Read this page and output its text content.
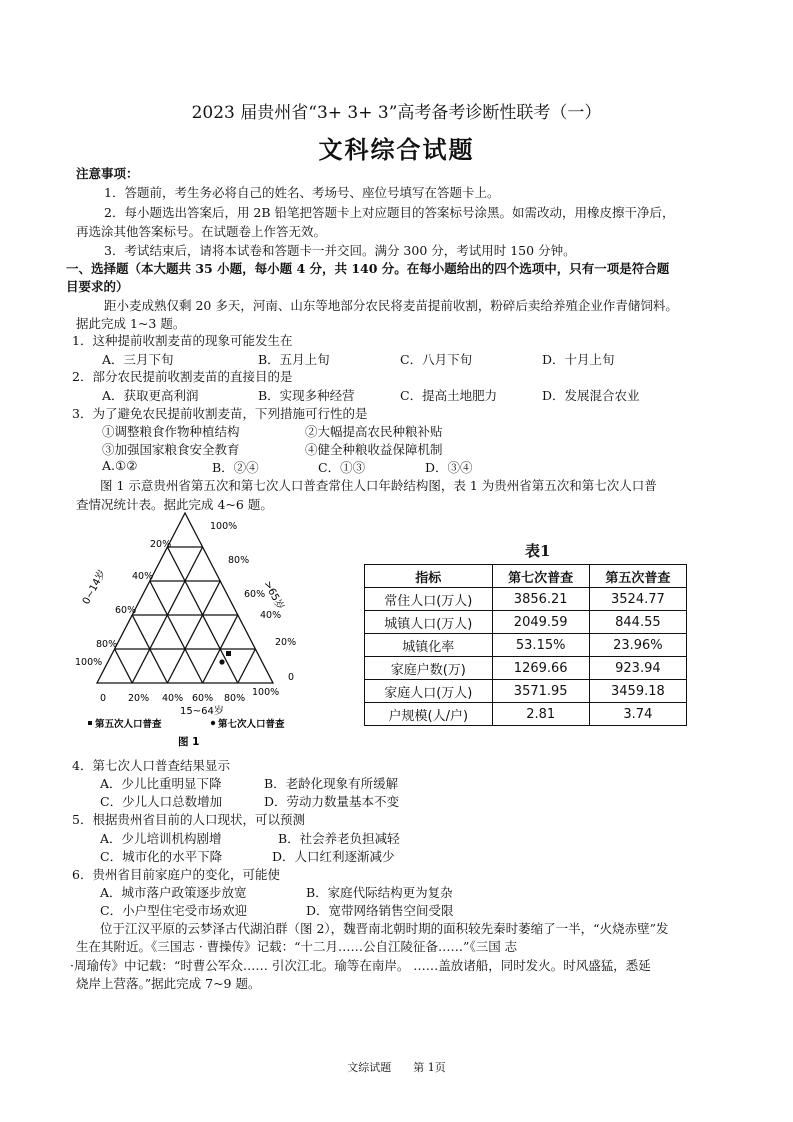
2023 届贵州省“3+ 3+ 3”高考备考诊断性联考（一）
文科综合试题
注意事项：
1．答题前，考生务必将自己的姓名、考场号、座位号填写在答题卡上。
2．每小题选出答案后，用 2B 铅笔把答题卡上对应题目的答案标号涂黑。如需改动，用橡皮擦干净后，
再选涂其他答案标号。在试题卷上作答无效。
3．考试结束后，请将本试卷和答题卡一并交回。满分 300 分，考试用时 150 分钟。
一、选择题（本大题共 35 小题，每小题 4 分，共 140 分。在每小题给出的四个选项中，只有一项是符合题
目要求的）
距小麦成熟仅剩 20 多天，河南、山东等地部分农民将麦苗提前收割，粉碎后卖给养殖企业作青储饲料。
据此完成 1~3 题。
1．这种提前收割麦苗的现象可能发生在
A．三月下旬	B．五月上旬	C．八月下旬	D．十月上旬
2．部分农民提前收割麦苗的直接目的是
A．获取更高利润	B．实现多种经营	C．提高土地肥力	D．发展混合农业
3．为了避免农民提前收割麦苗，下列措施可行性的是
①调整粮食作物种植结构	②大幅提高农民种粮补贴
③加强国家粮食安全教育	④健全种粮收益保障机制
A.①②	B．②④	C．①③	D．③④
图 1 示意贵州省第五次和第七次人口普查常住人口年龄结构图，表 1 为贵州省第五次和第七次人口普
查情况统计表。据此完成 4~6 题。
100%
80%
60%
40%
20%
0
20%
40%
60%
80%
100%
0 20% 40% 60% 80%
100%
0~14岁	>65岁
15~64岁
第五次人口普查	第七次人口普查
图 1
表1
指标	第七次普查	第五次普查
常住人口(万人)	3856.21	3524.77
城镇人口(万人)	2049.59	844.55
城镇化率	53.15%	23.96%
家庭户数(万)	1269.66	923.94
家庭人口(万人)	3571.95	3459.18
户规模(人/户)	2.81	3.74
4．第七次人口普查结果显示
A．少儿比重明显下降	B．老龄化现象有所缓解
C．少儿人口总数增加	D．劳动力数量基本不变
5．根据贵州省目前的人口现状，可以预测
A．少儿培训机构剧增	B．社会养老负担减轻
C．城市化的水平下降	D．人口红利逐渐减少
6．贵州省目前家庭户的变化，可能使
A．城市落户政策逐步放宽	B．家庭代际结构更为复杂
C．小户型住宅受市场欢迎	D．宽带网络销售空间受限
位于江汉平原的云梦泽古代湖泊群（图 2），魏晋南北朝时期的面积较先秦时萎缩了一半，“火烧赤壁”发
生在其附近。《三国志 · 曹操传》记载：“十二月……公自江陵征备……”《三国 志
·周瑜传》中记载：“时曹公军众…… 引次江北。瑜等在南岸。 ……盖放诸船，同时发火。时风盛猛，悉延
烧岸上营落。”据此完成 7~9 题。
文综试题　　第 1页
